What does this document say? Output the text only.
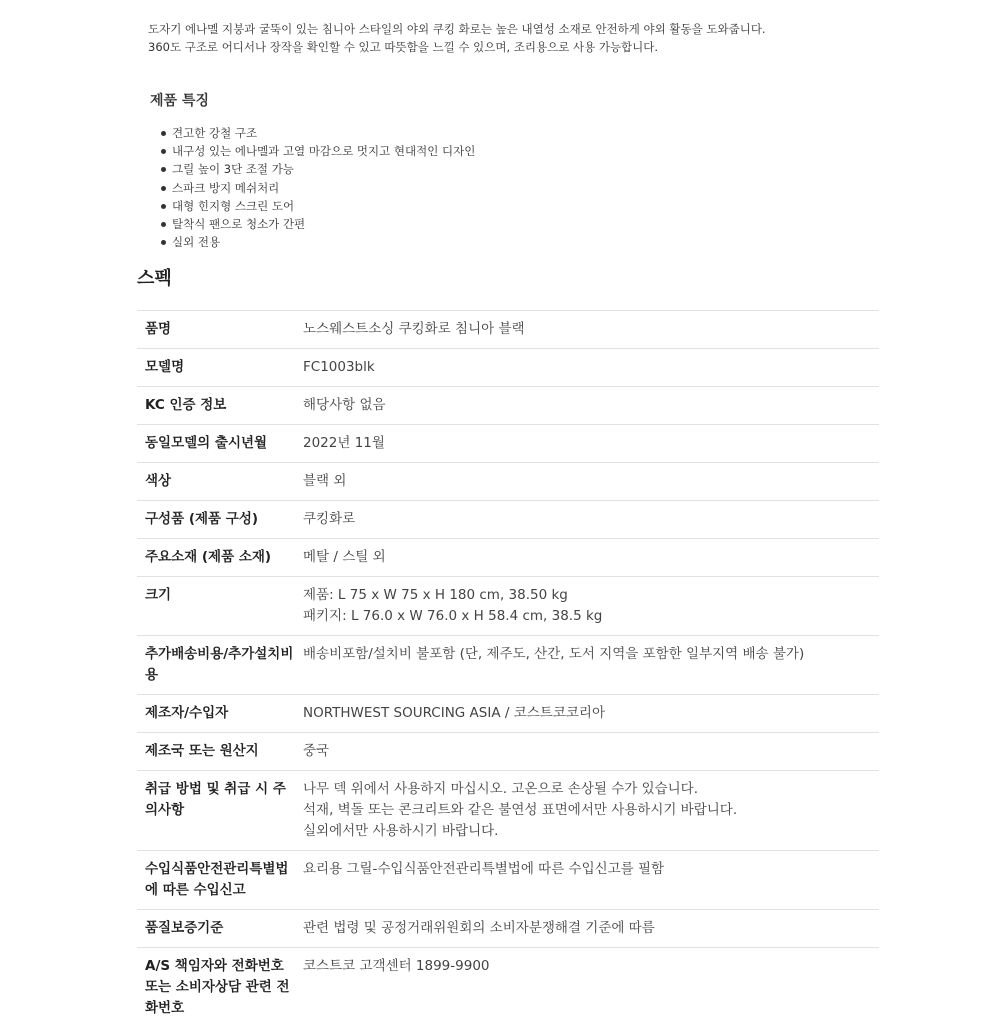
도자기 에나멜 지붕과 굴뚝이 있는 침니아 스타일의 야외 쿠킹 화로는 높은 내열성 소재로 안전하게 야외 활동을 도와줍니다.

360도 구조로 어디서나 장작을 확인할 수 있고 따뜻함을 느낄 수 있으며, 조리용으로 사용 가능합니다.

제품 특징
견고한 강철 구조
내구성 있는 에나멜과 고열 마감으로 멋지고 현대적인 디자인
그릴 높이 3단 조절 가능
스파크 방지 메쉬처리
대형 힌지형 스크린 도어
탈착식 팬으로 청소가 간편
실외 전용
스펙
품명	노스웨스트소싱 쿠킹화로 침니아 블랙
모델명	FC1003blk
KC 인증 정보	해당사항 없음
동일모델의 출시년월	2022년 11월
색상	블랙 외
구성품 (제품 구성)	쿠킹화로
주요소재 (제품 소재)	메탈 / 스틸 외
크기	제품: L 75 x W 75 x H 180 cm, 38.50 kg
패키지: L 76.0 x W 76.0 x H 58.4 cm, 38.5 kg
추가배송비용/추가설치비용	배송비포함/설치비 불포함 (단, 제주도, 산간, 도서 지역을 포함한 일부지역 배송 불가)
제조자/수입자	NORTHWEST SOURCING ASIA / 코스트코코리아
제조국 또는 원산지	중국
취급 방법 및 취급 시 주의사항	나무 덱 위에서 사용하지 마십시오. 고온으로 손상될 수가 있습니다.
석재, 벽돌 또는 콘크리트와 같은 불연성 표면에서만 사용하시기 바랍니다.
실외에서만 사용하시기 바랍니다.
수입식품안전관리특별법에 따른 수입신고	요리용 그릴-수입식품안전관리특별법에 따른 수입신고를 필함
품질보증기준	관련 법령 및 공정거래위원회의 소비자분쟁해결 기준에 따름
A/S 책임자와 전화번호 또는 소비자상담 관련 전화번호	코스트코 고객센터 1899-9900
